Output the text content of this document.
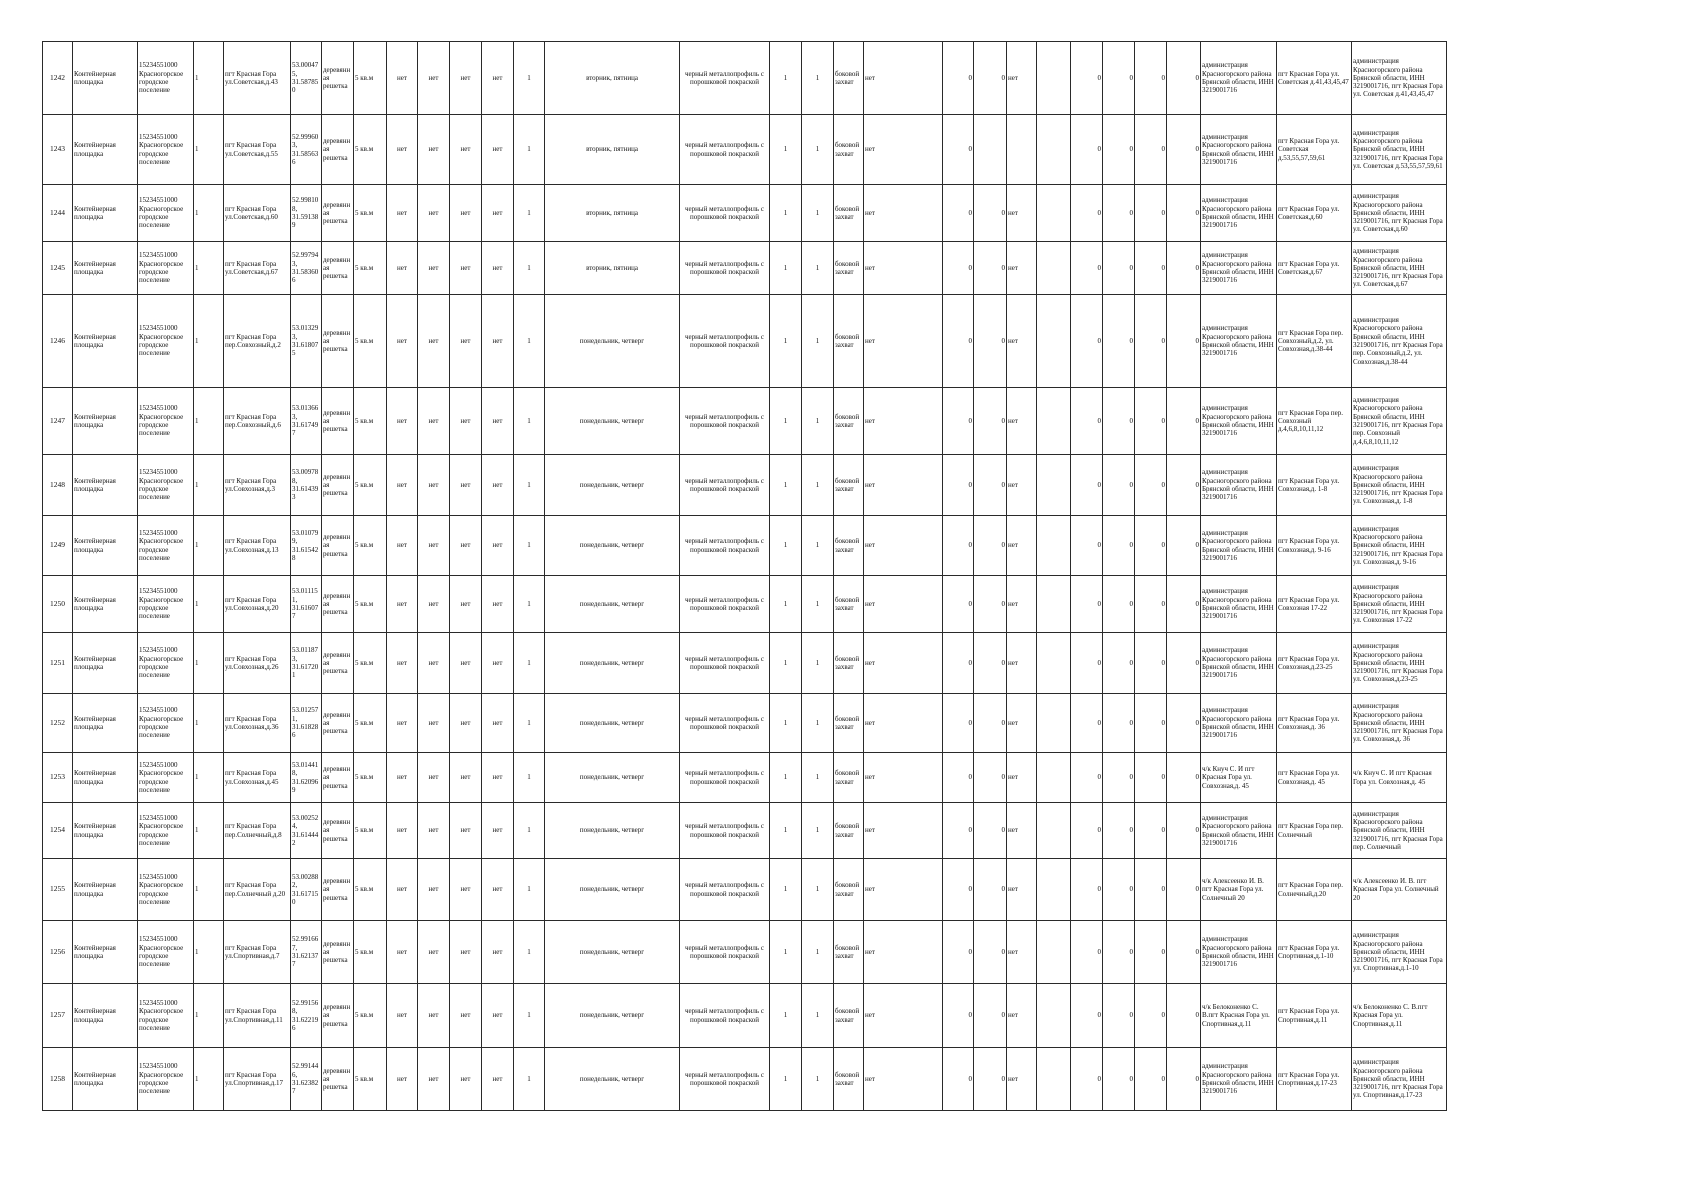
1242	Контейнерная площадка	15234551000 Красногорское городское поселение	1	пгт Красная Гора ул.Советская,д.43	53.000475, 31.587850	деревянная решетка	5 кв.м	нет	нет	нет	нет	1	вторник, пятница	черный металлопрофиль с порошковой покраской	1	1	боковой захват	нет	0	0	нет		0	0	0	0	администрация Красногорского района Брянской области, ИНН 3219001716	пгт Красная Гора ул. Советская д.41,43,45,47	администрация Красногорского района Брянской области, ИНН 3219001716, пгт Красная Гора ул. Советская д.41,43,45,47
1243	Контейнерная площадка	15234551000 Красногорское городское поселение	1	пгт Красная Гора ул.Советская,д.55	52.999603, 31.585636	деревянная решетка	5 кв.м	нет	нет	нет	нет	1	вторник, пятница	черный металлопрофиль с порошковой покраской	1	1	боковой захват	нет	0				0	0	0	0	администрация Красногорского района Брянской области, ИНН 3219001716	пгт Красная Гора ул. Советская д.53,55,57,59,61	администрация Красногорского района Брянской области, ИНН 3219001716, пгт Красная Гора ул. Советская д.53,55,57,59,61
1244	Контейнерная площадка	15234551000 Красногорское городское поселение	1	пгт Красная Гора ул.Советская,д.60	52.998108, 31.591389	деревянная решетка	5 кв.м	нет	нет	нет	нет	1	вторник, пятница	черный металлопрофиль с порошковой покраской	1	1	боковой захват	нет	0	0	нет		0	0	0	0	администрация Красногорского района Брянской области, ИНН 3219001716	пгт Красная Гора ул. Советская,д.60	администрация Красногорского района Брянской области, ИНН 3219001716, пгт Красная Гора ул. Советская,д.60
1245	Контейнерная площадка	15234551000 Красногорское городское поселение	1	пгт Красная Гора ул.Советская,д.67	52.997943, 31.583606	деревянная решетка	5 кв.м	нет	нет	нет	нет	1	вторник, пятница	черный металлопрофиль с порошковой покраской	1	1	боковой захват	нет	0	0	нет		0	0	0	0	администрация Красногорского района Брянской области, ИНН 3219001716	пгт Красная Гора ул. Советская,д.67	администрация Красногорского района Брянской области, ИНН 3219001716, пгт Красная Гора ул. Советская,д.67
1246	Контейнерная площадка	15234551000 Красногорское городское поселение	1	пгт Красная Гора пер.Совхозный,д.2	53.013293, 31.618075	деревянная решетка	5 кв.м	нет	нет	нет	нет	1	понедельник, четверг	черный металлопрофиль с порошковой покраской	1	1	боковой захват	нет	0	0	нет		0	0	0	0	администрация Красногорского района Брянской области, ИНН 3219001716	пгт Красная Гора пер. Совхозный,д.2, ул. Совхозная,д.38-44	администрация Красногорского района Брянской области, ИНН 3219001716, пгт Красная Гора пер. Совхозный,д.2, ул. Совхозная,д.38-44
1247	Контейнерная площадка	15234551000 Красногорское городское поселение	1	пгт Красная Гора пер.Совхозный,д.6	53.013663, 31.617497	деревянная решетка	5 кв.м	нет	нет	нет	нет	1	понедельник, четверг	черный металлопрофиль с порошковой покраской	1	1	боковой захват	нет	0	0	нет		0	0	0	0	администрация Красногорского района Брянской области, ИНН 3219001716	пгт Красная Гора пер. Совхозный д.4,6,8,10,11,12	администрация Красногорского района Брянской области, ИНН 3219001716, пгт Красная Гора пер. Совхозный д.4,6,8,10,11,12
1248	Контейнерная площадка	15234551000 Красногорское городское поселение	1	пгт Красная Гора ул.Совхозная,д.3	53.009788, 31.614393	деревянная решетка	5 кв.м	нет	нет	нет	нет	1	понедельник, четверг	черный металлопрофиль с порошковой покраской	1	1	боковой захват	нет	0	0	нет		0	0	0	0	администрация Красногорского района Брянской области, ИНН 3219001716	пгт Красная Гора ул. Совхозная,д. 1-8	администрация Красногорского района Брянской области, ИНН 3219001716, пгт Красная Гора ул. Совхозная,д. 1-8
1249	Контейнерная площадка	15234551000 Красногорское городское поселение	1	пгт Красная Гора ул.Совхозная,д.13	53.010799, 31.615428	деревянная решетка	5 кв.м	нет	нет	нет	нет	1	понедельник, четверг	черный металлопрофиль с порошковой покраской	1	1	боковой захват	нет	0	0	нет		0	0	0	0	администрация Красногорского района Брянской области, ИНН 3219001716	пгт Красная Гора ул. Совхозная,д. 9-16	администрация Красногорского района Брянской области, ИНН 3219001716, пгт Красная Гора ул. Совхозная,д. 9-16
1250	Контейнерная площадка	15234551000 Красногорское городское поселение	1	пгт Красная Гора ул.Совхозная,д.20	53.011151, 31.616077	деревянная решетка	5 кв.м	нет	нет	нет	нет	1	понедельник, четверг	черный металлопрофиль с порошковой покраской	1	1	боковой захват	нет	0	0	нет		0	0	0	0	администрация Красногорского района Брянской области, ИНН 3219001716	пгт Красная Гора ул. Совхозная 17-22	администрация Красногорского района Брянской области, ИНН 3219001716, пгт Красная Гора ул. Совхозная 17-22
1251	Контейнерная площадка	15234551000 Красногорское городское поселение	1	пгт Красная Гора ул.Совхозная,д.26	53.011873, 31.617201	деревянная решетка	5 кв.м	нет	нет	нет	нет	1	понедельник, четверг	черный металлопрофиль с порошковой покраской	1	1	боковой захват	нет	0	0	нет		0	0	0	0	администрация Красногорского района Брянской области, ИНН 3219001716	пгт Красная Гора ул. Совхозная,д.23-25	администрация Красногорского района Брянской области, ИНН 3219001716, пгт Красная Гора ул. Совхозная,д.23-25
1252	Контейнерная площадка	15234551000 Красногорское городское поселение	1	пгт Красная Гора ул.Совхозная,д.36	53.012571, 31.618286	деревянная решетка	5 кв.м	нет	нет	нет	нет	1	понедельник, четверг	черный металлопрофиль с порошковой покраской	1	1	боковой захват	нет	0	0	нет		0	0	0	0	администрация Красногорского района Брянской области, ИНН 3219001716	пгт Красная Гора ул. Совхозная,д. 36	администрация Красногорского района Брянской области, ИНН 3219001716, пгт Красная Гора ул. Совхозная,д. 36
1253	Контейнерная площадка	15234551000 Красногорское городское поселение	1	пгт Красная Гора ул.Совхозная,д.45	53.014418, 31.620969	деревянная решетка	5 кв.м	нет	нет	нет	нет	1	понедельник, четверг	черный металлопрофиль с порошковой покраской	1	1	боковой захват	нет	0	0	нет		0	0	0	0	ч/к Кнуч С. И пгт Красная Гора ул. Совхозная,д. 45	пгт Красная Гора ул. Совхозная,д. 45	ч/к Кнуч С. И пгт Красная Гора ул. Совхозная,д. 45
1254	Контейнерная площадка	15234551000 Красногорское городское поселение	1	пгт Красная Гора пер.Солнечный,д.8	53.002524, 31.614442	деревянная решетка	5 кв.м	нет	нет	нет	нет	1	понедельник, четверг	черный металлопрофиль с порошковой покраской	1	1	боковой захват	нет	0	0	нет		0	0	0	0	администрация Красногорского района Брянской области, ИНН 3219001716	пгт Красная Гора пер. Солнечный	администрация Красногорского района Брянской области, ИНН 3219001716, пгт Красная Гора пер. Солнечный
1255	Контейнерная площадка	15234551000 Красногорское городское поселение	1	пгт Красная Гора пер.Солнечный д.20	53.002882, 31.617150	деревянная решетка	5 кв.м	нет	нет	нет	нет	1	понедельник, четверг	черный металлопрофиль с порошковой покраской	1	1	боковой захват	нет	0	0	нет		0	0	0	0	ч/к Алексеенко И. В. пгт Красная Гора ул. Солнечный 20	пгт Красная Гора пер. Солнечный,д.20	ч/к Алексеенко И. В. пгт Красная Гора ул. Солнечный 20
1256	Контейнерная площадка	15234551000 Красногорское городское поселение	1	пгт Красная Гора ул.Спортивная,д.7	52.991667, 31.621377	деревянная решетка	5 кв.м	нет	нет	нет	нет	1	понедельник, четверг	черный металлопрофиль с порошковой покраской	1	1	боковой захват	нет	0	0	нет		0	0	0	0	администрация Красногорского района Брянской области, ИНН 3219001716	пгт Красная Гора ул. Спортивная,д.1-10	администрация Красногорского района Брянской области, ИНН 3219001716, пгт Красная Гора ул. Спортивная,д.1-10
1257	Контейнерная площадка	15234551000 Красногорское городское поселение	1	пгт Красная Гора ул.Спортивная,д.11	52.991568, 31.622196	деревянная решетка	5 кв.м	нет	нет	нет	нет	1	понедельник, четверг	черный металлопрофиль с порошковой покраской	1	1	боковой захват	нет	0	0	нет		0	0	0	0	ч/к Белоконенко С. В.пгт Красная Гора ул. Спортивная,д.11	пгт Красная Гора ул. Спортивная,д.11	ч/к Белоконенко С. В.пгт Красная Гора ул. Спортивная,д.11
1258	Контейнерная площадка	15234551000 Красногорское городское поселение	1	пгт Красная Гора ул.Спортивная,д.17	52.991446, 31.623827	деревянная решетка	5 кв.м	нет	нет	нет	нет	1	понедельник, четверг	черный металлопрофиль с порошковой покраской	1	1	боковой захват	нет	0	0	нет		0	0	0	0	администрация Красногорского района Брянской области, ИНН 3219001716	пгт Красная Гора ул. Спортивная,д.17-23	администрация Красногорского района Брянской области, ИНН 3219001716, пгт Красная Гора ул. Спортивная,д.17-23
